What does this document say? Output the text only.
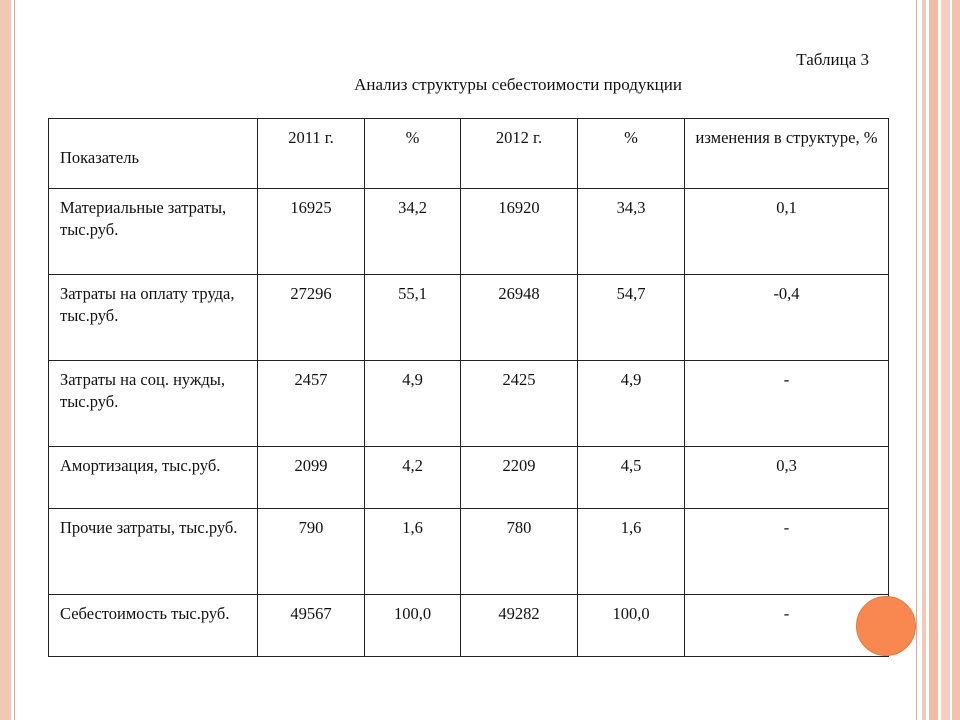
Таблица 3
Анализ структуры себестоимости продукции
Показатель	2011 г.	%	2012 г.	%	изменения в структуре, %

Материальные затраты, тыс.руб.	16925	34,2	16920	34,3	0,1

Затраты на оплату труда, тыс.руб.	27296	55,1	26948	54,7	-0,4

Затраты на соц. нужды, тыс.руб.	2457	4,9	2425	4,9	-

Амортизация, тыс.руб.	2099	4,2	2209	4,5	0,3

Прочие затраты, тыс.руб.	790	1,6	780	1,6	-

Себестоимость тыс.руб.	49567	100,0	49282	100,0	-
